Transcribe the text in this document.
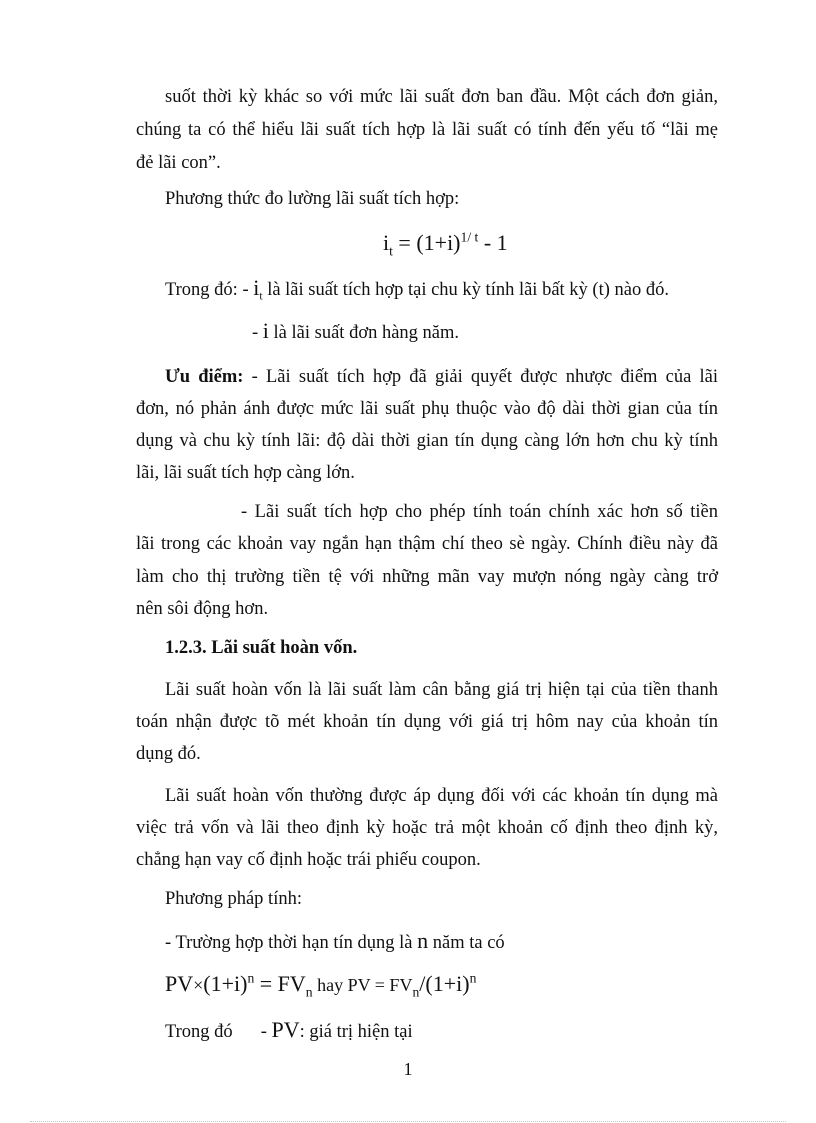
suốt thời kỳ khác so với mức lãi suất đơn ban đầu. Một cách đơn giản,
chúng ta có thể hiểu lãi suất tích hợp là lãi suất có tính đến yếu tố “lãi mẹ
đẻ lãi con”.
Phương thức đo lường lãi suất tích hợp:
$i_t = (1+i)^{1/ t} - 1$
Trong đó: - $i_t$ là lãi suất tích hợp tại chu kỳ tính lãi bất kỳ (t) nào đó.
- i là lãi suất đơn hàng năm.
Ưu điểm: - Lãi suất tích hợp đã giải quyết được nhược điểm của lãi
đơn, nó phản ánh được mức lãi suất phụ thuộc vào độ dài thời gian của tín
dụng và chu kỳ tính lãi: độ dài thời gian tín dụng càng lớn hơn chu kỳ tính
lãi, lãi suất tích hợp càng lớn.
- Lãi suất tích hợp cho phép tính toán chính xác hơn số tiền
lãi trong các khoản vay ngắn hạn thậm chí theo sè ngày. Chính điều này đã
làm cho thị trường tiền tệ với những mãn vay mượn nóng ngày càng trở
nên sôi động hơn.
1.2.3. Lãi suất hoàn vốn.
Lãi suất hoàn vốn là lãi suất làm cân bằng giá trị hiện tại của tiền thanh
toán nhận được tõ mét khoản tín dụng với giá trị hôm nay của khoản tín
dụng đó.
Lãi suất hoàn vốn thường được áp dụng đối với các khoản tín dụng mà
việc trả vốn và lãi theo định kỳ hoặc trả một khoản cố định theo định kỳ,
chẳng hạn vay cố định hoặc trái phiếu coupon.
Phương pháp tính:
- Trường hợp thời hạn tín dụng là n năm ta có
$PV\times(1+i)^n = FV_n$ hay PV = $FV_n/(1+i)^n$
Trong đó - PV: giá trị hiện tại
1
